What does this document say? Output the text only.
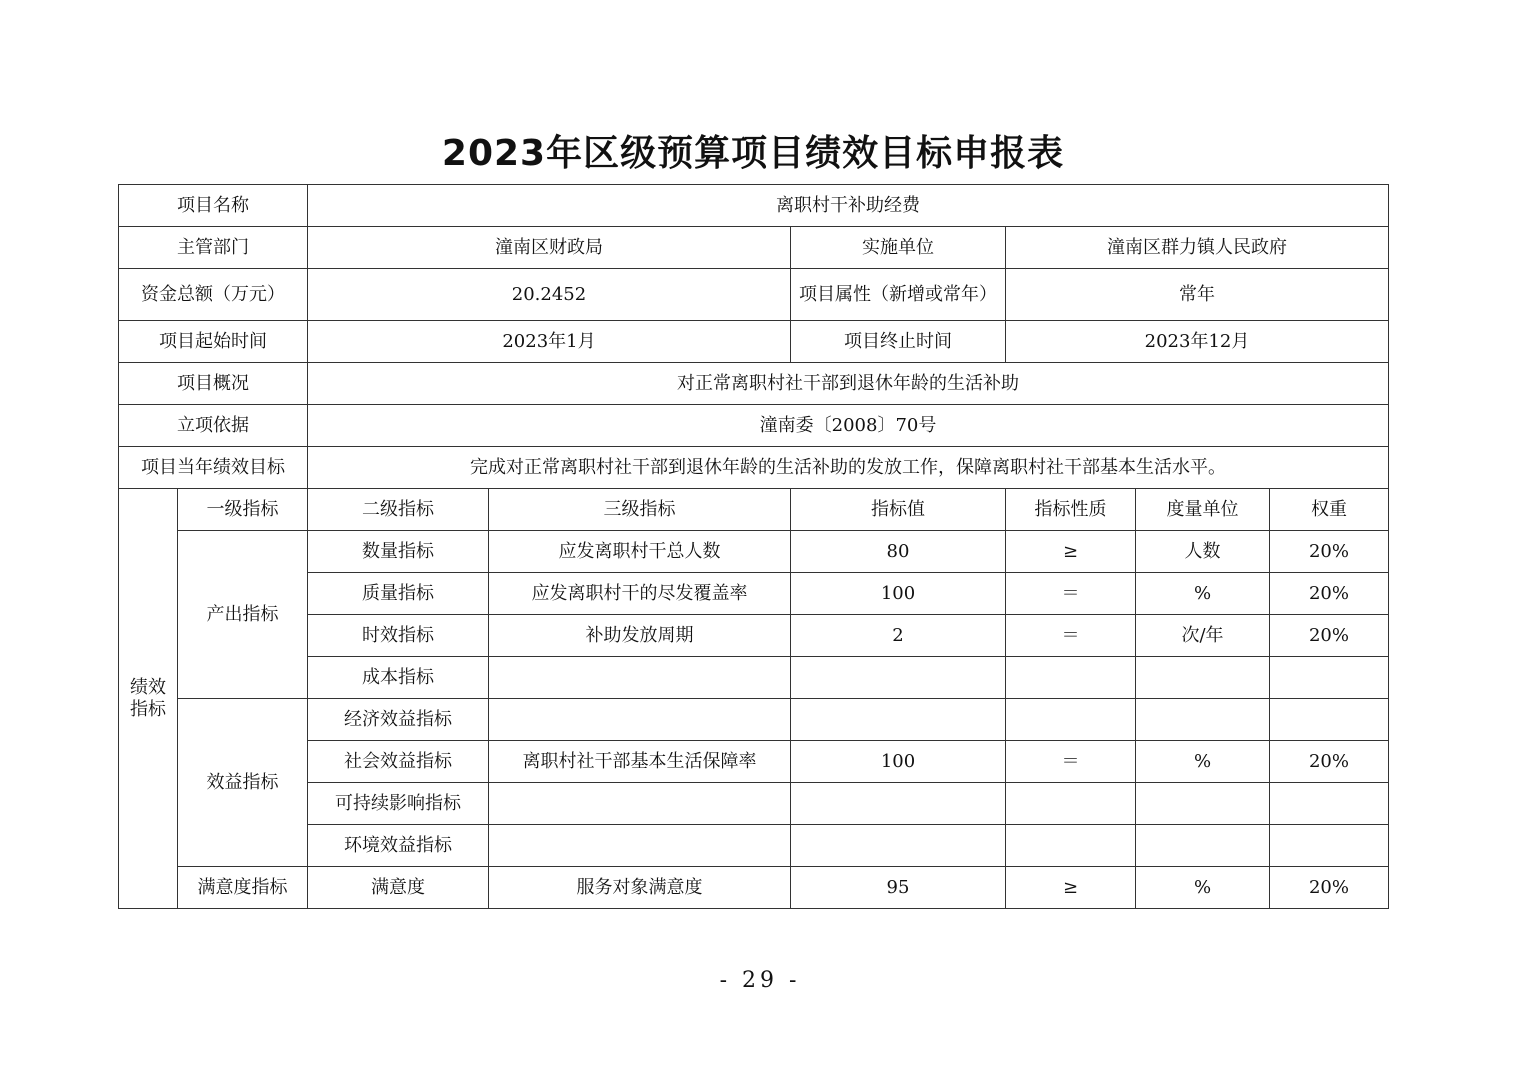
2023年区级预算项目绩效目标申报表
项目名称		离职村干补助经费					
主管部门		潼南区财政局		实施单位	潼南区群力镇人民政府		
资金总额（万元）		20.2452		项目属性（新增或常年）	常年		
项目起始时间		2023年1月		项目终止时间	2023年12月		
项目概况		对正常离职村社干部到退休年龄的生活补助					
立项依据		潼南委〔2008〕70号					
项目当年绩效目标		完成对正常离职村社干部到退休年龄的生活补助的发放工作，保障离职村社干部基本生活水平。					
绩效指标	一级指标	二级指标	三级指标	指标值	指标性质	度量单位	权重
	产出指标	数量指标	应发离职村干总人数	80	≥	人数	20%
		质量指标	应发离职村干的尽发覆盖率	100	＝	%	20%
		时效指标	补助发放周期	2	＝	次/年	20%
		成本指标					
	效益指标	经济效益指标					
		社会效益指标	离职村社干部基本生活保障率	100	＝	%	20%
		可持续影响指标					
		环境效益指标					
	满意度指标	满意度	服务对象满意度	95	≥	%	20%
- 29 -
